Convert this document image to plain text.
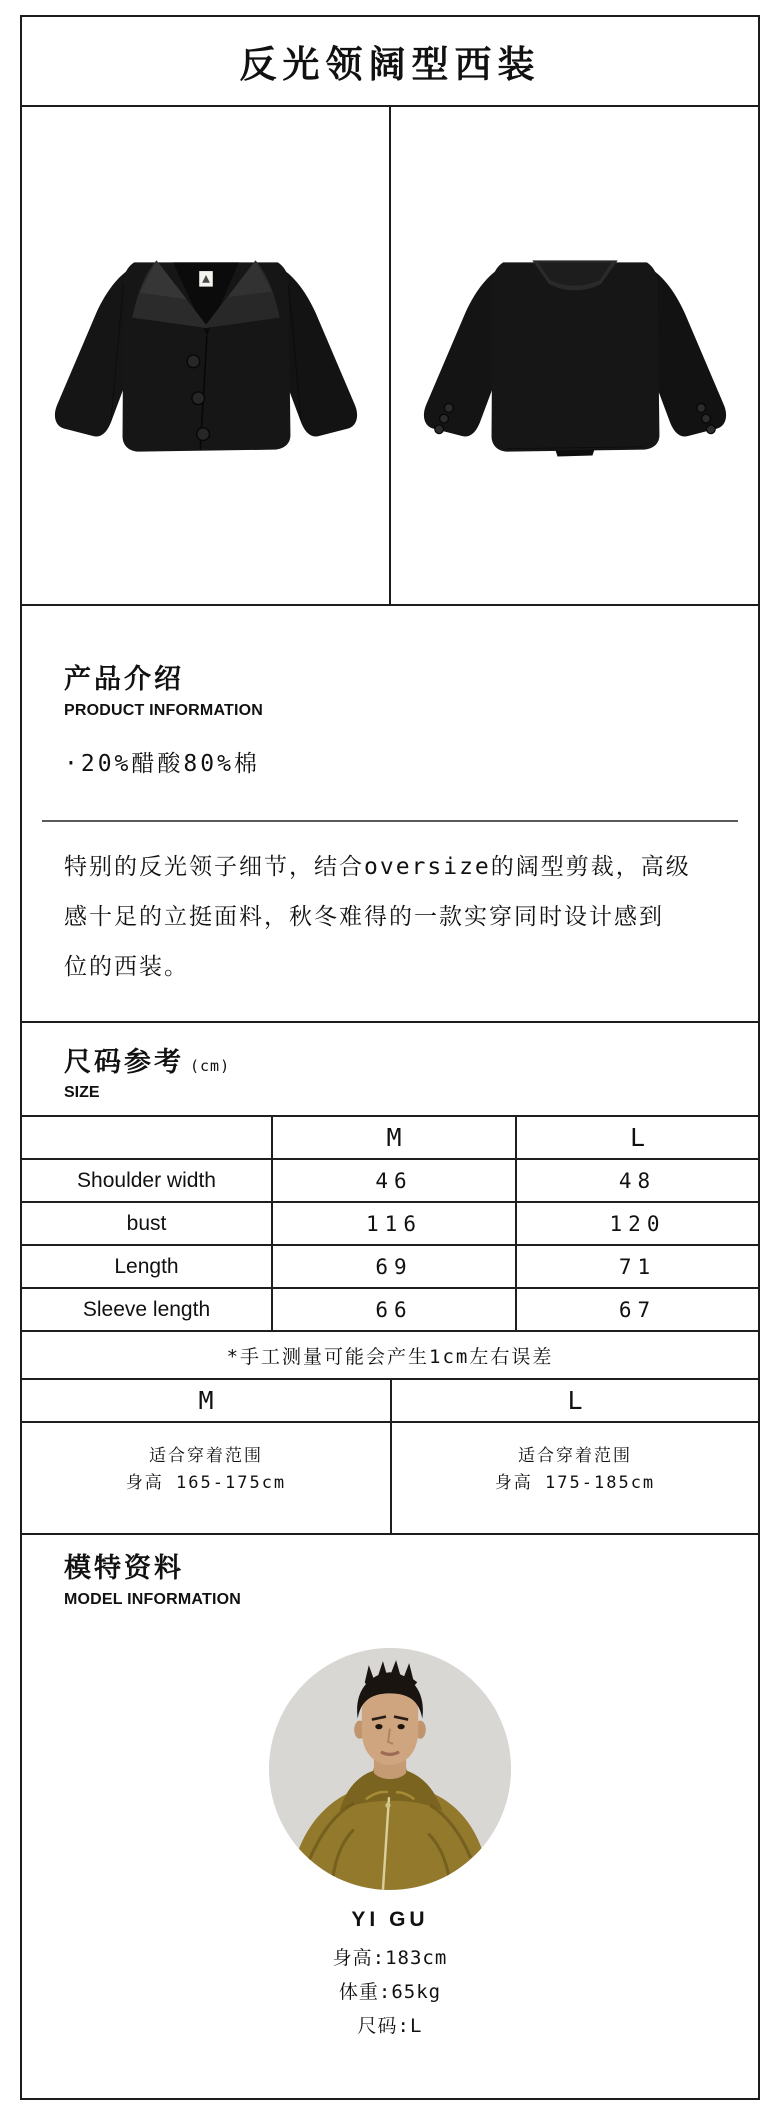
反光领阔型西装
产品介绍
PRODUCT INFORMATION
·20%醋酸80%棉
特别的反光领子细节，结合oversize的阔型剪裁，高级
感十足的立挺面料，秋冬难得的一款实穿同时设计感到
位的西装。
尺码参考 (cm)
SIZE
	M	L
Shoulder width	46	48
bust	116	120
Length	69	71
Sleeve length	66	67
*手工测量可能会产生1cm左右误差
M	L
适合穿着范围
身高 165-175cm
适合穿着范围
身高 175-185cm
模特资料
MODEL INFORMATION
YI GU
身高:183cm
体重:65kg
尺码:L
